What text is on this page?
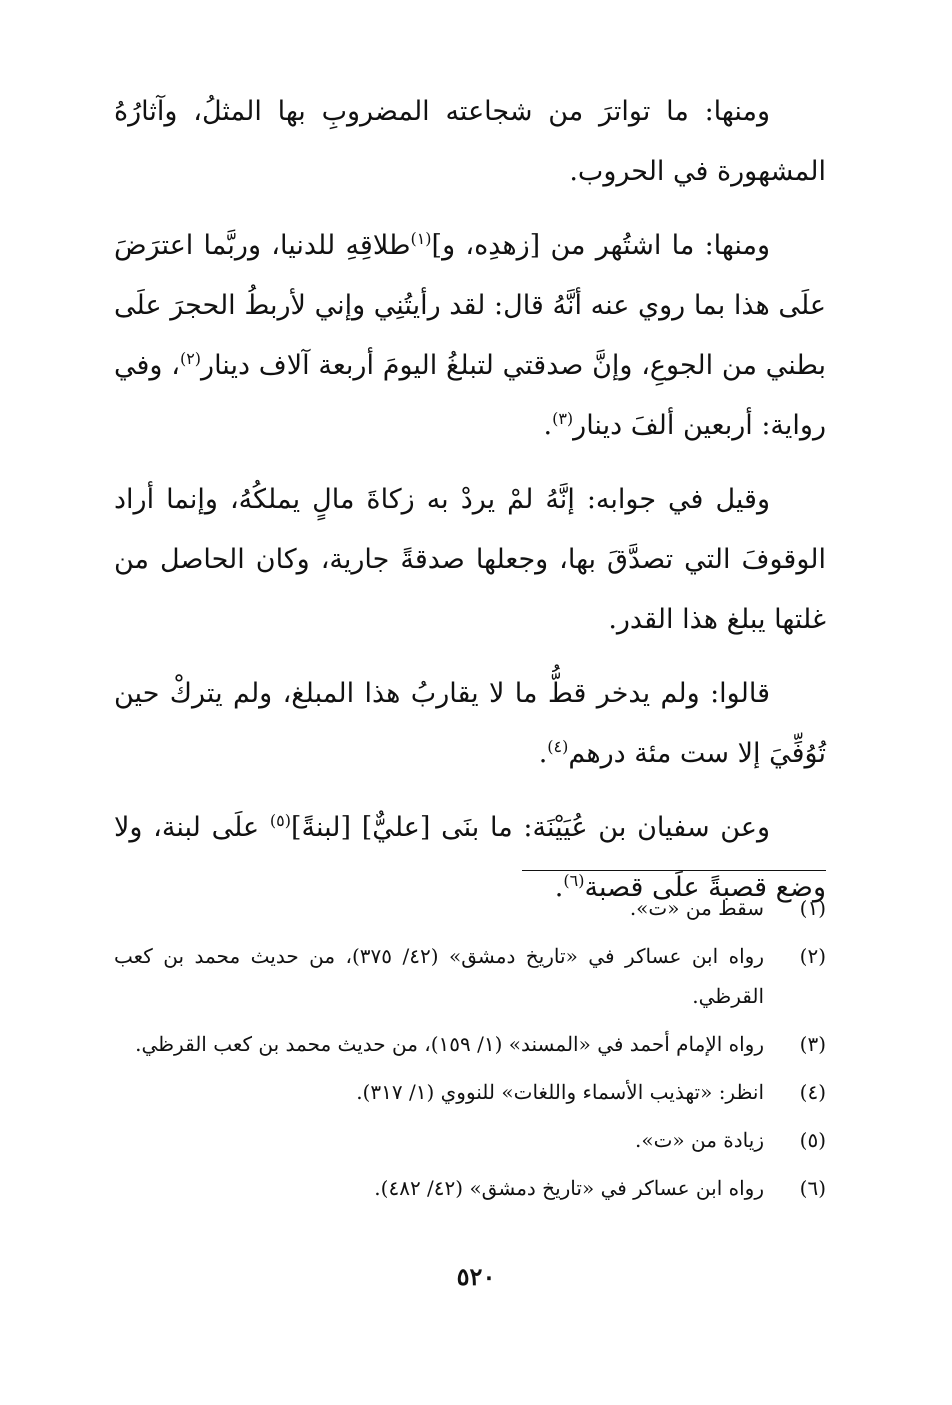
ومنها: ما تواترَ من شجاعته المضروبِ بها المثلُ، وآثارُهُ المشهورة في الحروب.

ومنها: ما اشتُهر من [زهدِه، و]$^{(١)}$طلاقِهِ للدنيا، وربَّما اعترَضَ علَى هذا بما روي عنه أنَّهُ قال: لقد رأيتُنِي وإني لأربطُ الحجرَ علَى بطني من الجوعِ، وإنَّ صدقتي لتبلغُ اليومَ أربعة آلاف دينار$^{(٢)}$، وفي رواية: أربعين ألفَ دينار$^{(٣)}$.

وقيل في جوابه: إنَّهُ لمْ يردْ به زكاةَ مالٍ يملكُهُ، وإنما أراد الوقوفَ التي تصدَّقَ بها، وجعلها صدقةً جارية، وكان الحاصل من غلتها يبلغ هذا القدر.

قالوا: ولم يدخر قطُّ ما لا يقاربُ هذا المبلغ، ولم يتركْ حين تُوُفِّيَ إلا ست مئة درهم$^{(٤)}$.

وعن سفيان بن عُيَيْنَة: ما بنَى [عليٌّ] [لبنةً]$^{(٥)}$ علَى لبنة، ولا وضع قصبةً علَى قصبة$^{(٦)}$.

(١)
سقط من «ت».
(٢)
رواه ابن عساكر في «تاريخ دمشق» (٤٢/ ٣٧٥)، من حديث محمد بن كعب القرظي.
(٣)
رواه الإمام أحمد في «المسند» (١/ ١٥٩)، من حديث محمد بن كعب القرظي.
(٤)
انظر: «تهذيب الأسماء واللغات» للنووي (١/ ٣١٧).
(٥)
زيادة من «ت».
(٦)
رواه ابن عساكر في «تاريخ دمشق» (٤٢/ ٤٨٢).
٥٢٠
